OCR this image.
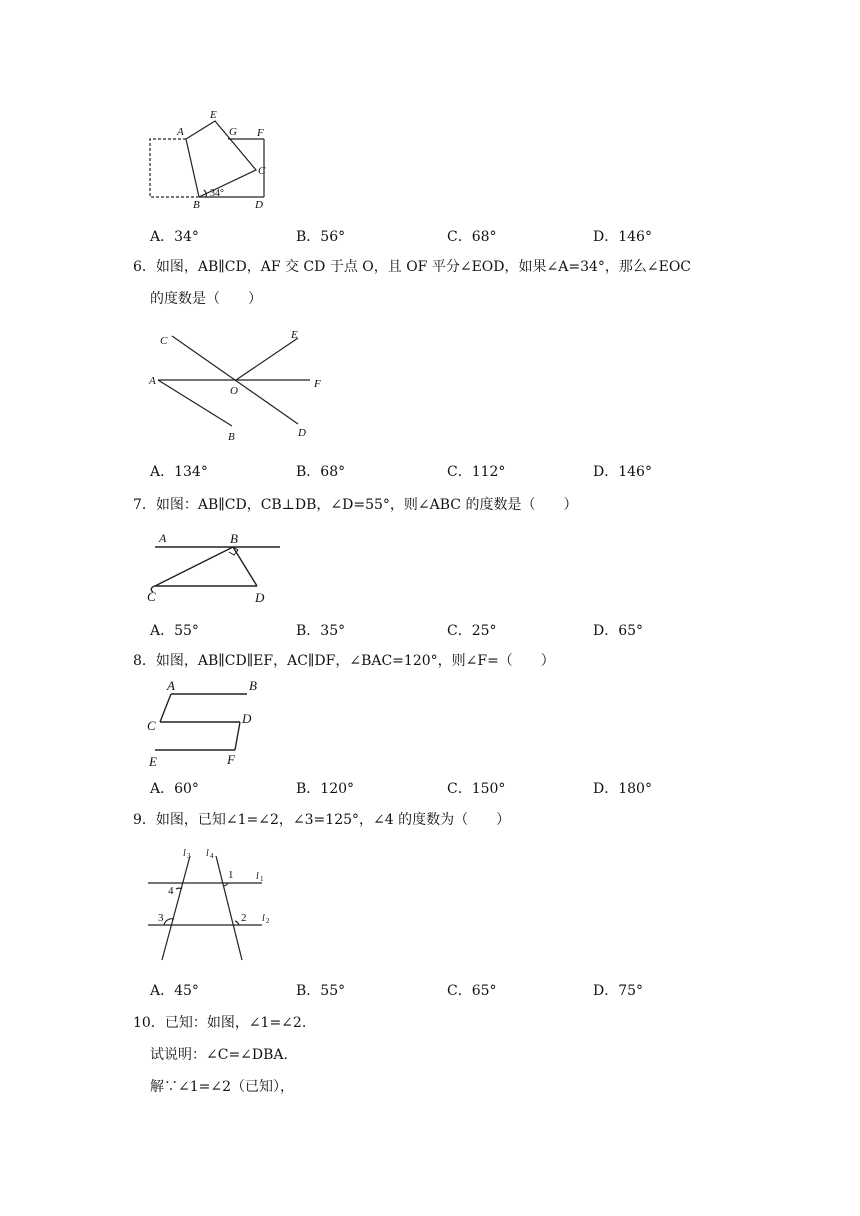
A
E
G F
C
B	D
34°
A．34°	B．56°	C．68°	D．146°
6．如图，AB∥CD，AF 交 CD 于点 O，且 OF 平分∠EOD，如果∠A=34°，那么∠EOC
的度数是（　　）
C	E
A
O
F
B	D
A．134°	B．68°	C．112°	D．146°
7．如图：AB∥CD，CB⊥DB，∠D=55°，则∠ABC 的度数是（　　）
A	B
C	D
A．55°	B．35°	C．25°	D．65°
8．如图，AB∥CD∥EF，AC∥DF，∠BAC=120°，则∠F=（　　）
A	B
C	D
E	F
A．60°	B．120°	C．150°	D．180°
9．如图，已知∠1=∠2，∠3=125°，∠4 的度数为（　　）
l 3 l 4
l 1
l 2
1
2
3
4
A．45°	B．55°	C．65°	D．75°
10．已知：如图，∠1=∠2.
试说明：∠C=∠DBA.
解∵∠1=∠2（已知），
